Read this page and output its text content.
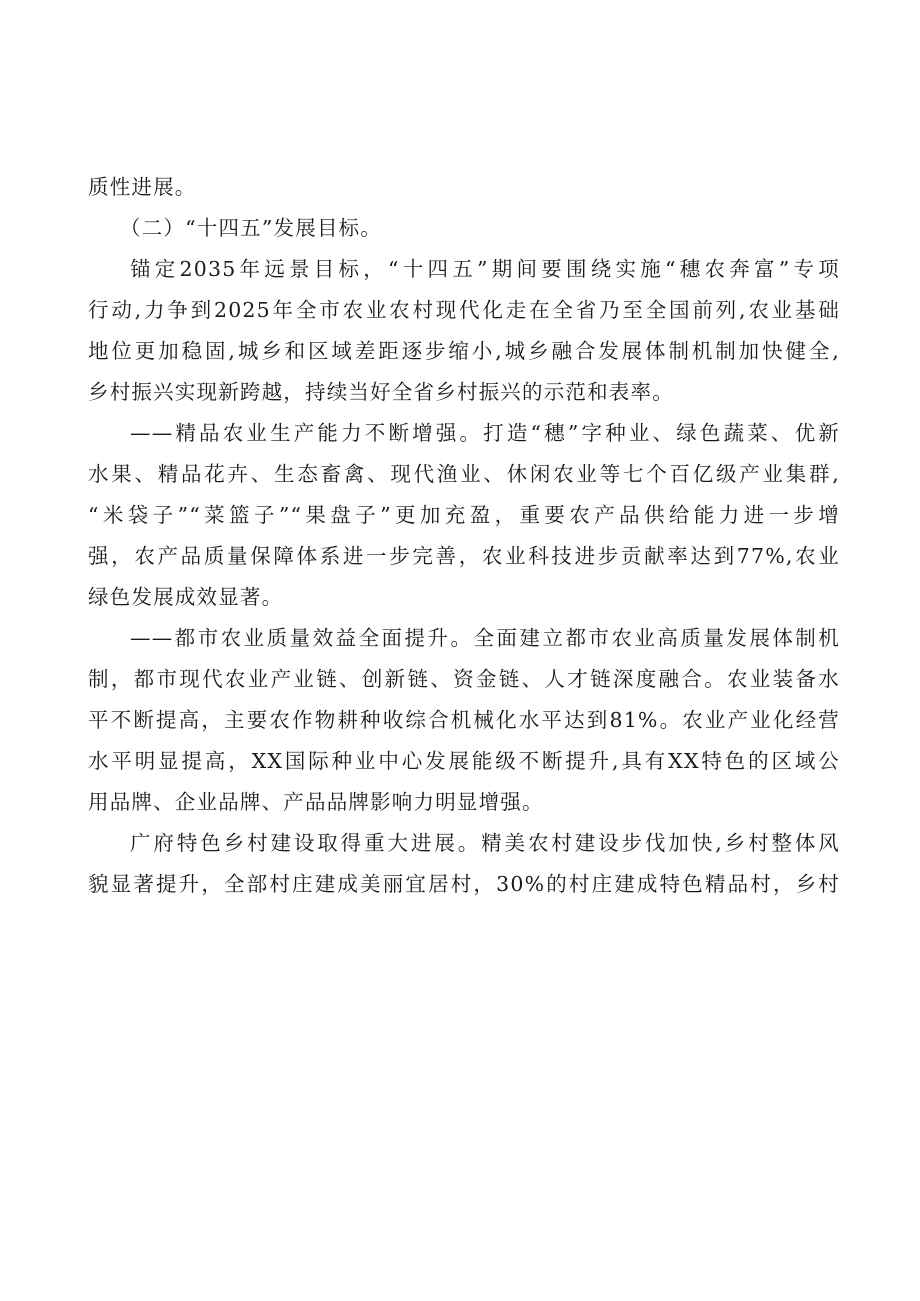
质性进展。
（二）“十四五”发展目标。
锚定2035年远景目标，“十四五”期间要围绕实施“穗农奔富”专项
行动,力争到2025年全市农业农村现代化走在全省乃至全国前列,农业基础
地位更加稳固,城乡和区域差距逐步缩小,城乡融合发展体制机制加快健全,
乡村振兴实现新跨越，持续当好全省乡村振兴的示范和表率。
——精品农业生产能力不断增强。打造“穗”字种业、绿色蔬菜、优新
水果、精品花卉、生态畜禽、现代渔业、休闲农业等七个百亿级产业集群,
“米袋子”“菜篮子”“果盘子”更加充盈，重要农产品供给能力进一步增
强，农产品质量保障体系进一步完善，农业科技进步贡献率达到77%,农业
绿色发展成效显著。
——都市农业质量效益全面提升。全面建立都市农业高质量发展体制机
制，都市现代农业产业链、创新链、资金链、人才链深度融合。农业装备水
平不断提高，主要农作物耕种收综合机械化水平达到81%。农业产业化经营
水平明显提高，XX国际种业中心发展能级不断提升,具有XX特色的区域公
用品牌、企业品牌、产品品牌影响力明显增强。
广府特色乡村建设取得重大进展。精美农村建设步伐加快,乡村整体风
貌显著提升，全部村庄建成美丽宜居村，30%的村庄建成特色精品村，乡村
